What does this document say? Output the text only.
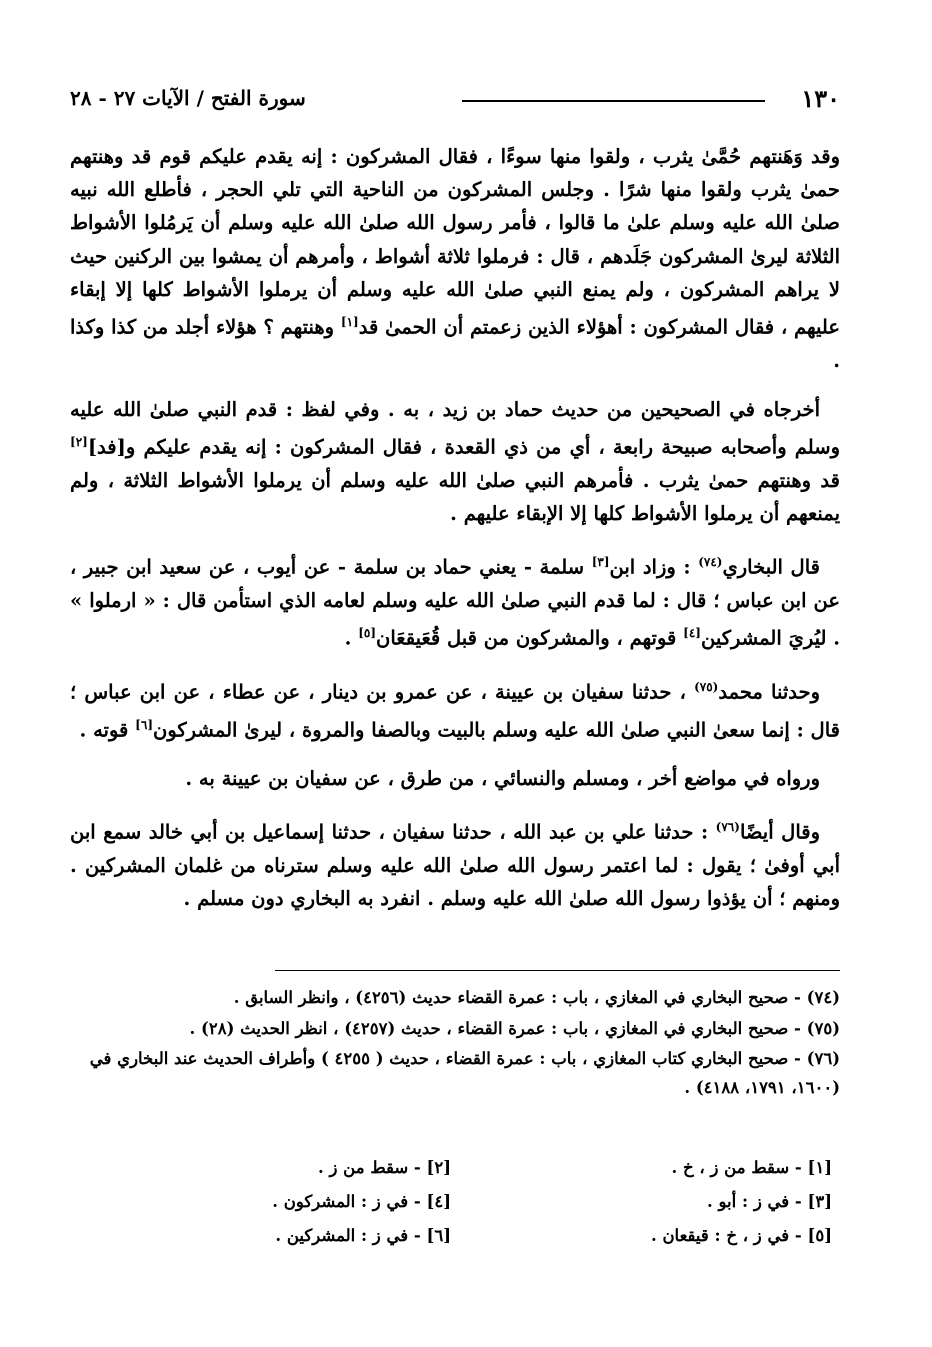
١٣٠
سورة الفتح / الآيات ٢٧ - ٢٨

وقد وَهَنتهم حُمَّىٰ يثرب ، ولقوا منها سوءًا ، فقال المشركون : إنه يقدم عليكم قوم قد وهنتهم حمىٰ يثرب ولقوا منها شرًا . وجلس المشركون من الناحية التي تلي الحجر ، فأطلع الله نبيه صلىٰ الله عليه وسلم علىٰ ما قالوا ، فأمر رسول الله صلىٰ الله عليه وسلم أن يَرمُلوا الأشواط الثلاثة ليرىٰ المشركون جَلَدهم ، قال : فرملوا ثلاثة أشواط ، وأمرهم أن يمشوا بين الركنين حيث لا يراهم المشركون ، ولم يمنع النبي صلىٰ الله عليه وسلم أن يرملوا الأشواط كلها إلا إبقاء عليهم ، فقال المشركون : أهؤلاء الذين زعمتم أن الحمىٰ قد[١] وهنتهم ؟ هؤلاء أجلد من كذا وكذا .

أخرجاه في الصحيحين من حديث حماد بن زيد ، به . وفي لفظ : قدم النبي صلىٰ الله عليه وسلم وأصحابه صبيحة رابعة ، أي من ذي القعدة ، فقال المشركون : إنه يقدم عليكم و[فد][٢] قد وهنتهم حمىٰ يثرب . فأمرهم النبي صلىٰ الله عليه وسلم أن يرملوا الأشواط الثلاثة ، ولم يمنعهم أن يرملوا الأشواط كلها إلا الإبقاء عليهم .

قال البخاري$^{(٧٤)}$ : وزاد ابن[٣] سلمة - يعني حماد بن سلمة - عن أيوب ، عن سعيد ابن جبير ، عن ابن عباس ؛ قال : لما قدم النبي صلىٰ الله عليه وسلم لعامه الذي استأمن قال : « ارملوا » . ليُريَ المشركين[٤] قوتهم ، والمشركون من قبل قُعَيقعَان[٥] .

وحدثنا محمد$^{(٧٥)}$ ، حدثنا سفيان بن عيينة ، عن عمرو بن دينار ، عن عطاء ، عن ابن عباس ؛ قال : إنما سعىٰ النبي صلىٰ الله عليه وسلم بالبيت وبالصفا والمروة ، ليرىٰ المشركون[٦] قوته .

ورواه في مواضع أخر ، ومسلم والنسائي ، من طرق ، عن سفيان بن عيينة به .

وقال أيضًا$^{(٧٦)}$ : حدثنا علي بن عبد الله ، حدثنا سفيان ، حدثنا إسماعيل بن أبي خالد سمع ابن أبي أوفىٰ ؛ يقول : لما اعتمر رسول الله صلىٰ الله عليه وسلم سترناه من غلمان المشركين . ومنهم ؛ أن يؤذوا رسول الله صلىٰ الله عليه وسلم . انفرد به البخاري دون مسلم .

(٧٤) - صحيح البخاري في المغازي ، باب : عمرة القضاء حديث (٤٢٥٦) ، وانظر السابق .

(٧٥) - صحيح البخاري في المغازي ، باب : عمرة القضاء ، حديث (٤٢٥٧) ، انظر الحديث (٢٨) .

(٧٦) - صحيح البخاري كتاب المغازي ، باب : عمرة القضاء ، حديث ( ٤٢٥٥ ) وأطراف الحديث عند البخاري في (١٦٠٠، ١٧٩١، ٤١٨٨) .

[١] - سقط من ز ، خ .
[٢] - سقط من ز .
[٣] - في ز : أبو .
[٤] - في ز : المشركون .
[٥] - في ز ، خ : قيقعان .
[٦] - في ز : المشركين .
